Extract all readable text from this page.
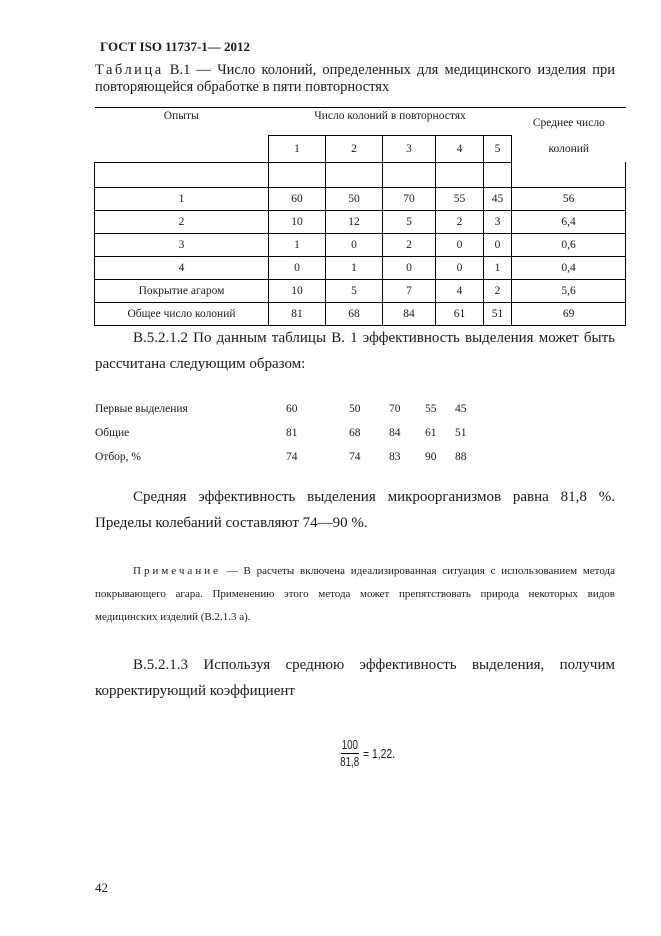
ГОСТ ISO 11737-1— 2012
Таблица B.1 — Число колоний, определенных для медицинского изделия при повторяющейся обработке в пяти повторностях
Опыты	Число колоний в повторностях					Среднее число колоний
	1	2	3	4	5	

1	60	50	70	55	45	56
2	10	12	5	2	3	6,4
3	1	0	2	0	0	0,6
4	0	1	0	0	1	0,4
Покрытие агаром	10	5	7	4	2	5,6
Общее число колоний	81	68	84	61	51	69
B.5.2.1.2 По данным таблицы B. 1 эффективность выделения может быть рассчитана следующим образом:
Первые выделения	60	50 70 55 45
Общие	81	68 84 61 51
Отбор, %	74	74 83 90 88
Средняя эффективность выделения микроорганизмов равна 81,8 %. Пределы колебаний составляют 74—90 %.
Примечание — В расчеты включена идеализированная ситуация с использованием метода покрывающего агара. Применению этого метода может препятствовать природа некоторых видов медицинских изделий (B.2.1.3 а).
B.5.2.1.3 Используя среднюю эффективность выделения, получим корректирующий коэффициент
$\frac{100}{81,8} = 1,22$.
42
